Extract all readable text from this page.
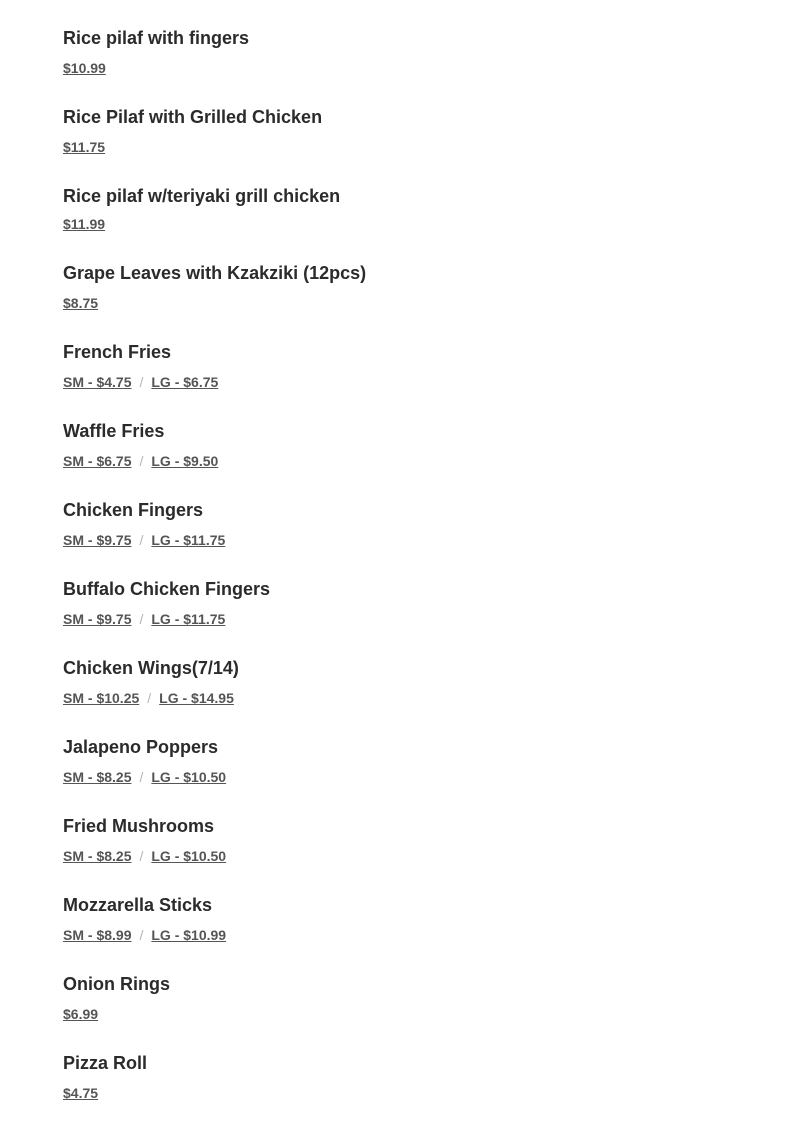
Rice pilaf with fingers
$10.99
Rice Pilaf with Grilled Chicken
$11.75
Rice pilaf w/teriyaki grill chicken
$11.99
Grape Leaves with Kzakziki (12pcs)
$8.75
French Fries
SM - $4.75 / LG - $6.75
Waffle Fries
SM - $6.75 / LG - $9.50
Chicken Fingers
SM - $9.75 / LG - $11.75
Buffalo Chicken Fingers
SM - $9.75 / LG - $11.75
Chicken Wings(7/14)
SM - $10.25 / LG - $14.95
Jalapeno Poppers
SM - $8.25 / LG - $10.50
Fried Mushrooms
SM - $8.25 / LG - $10.50
Mozzarella Sticks
SM - $8.99 / LG - $10.99
Onion Rings
$6.99
Pizza Roll
$4.75
